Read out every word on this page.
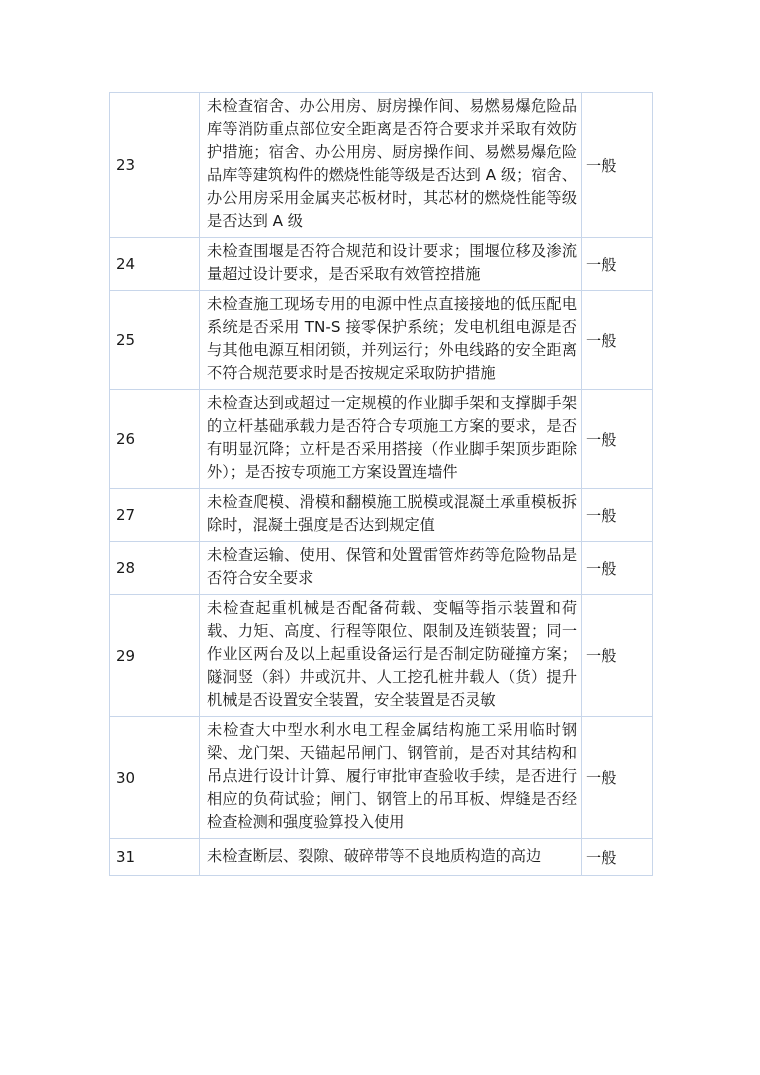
23	未检查宿舍、办公用房、厨房操作间、易燃易爆危险品库等消防重点部位安全距离是否符合要求并采取有效防护措施；宿舍、办公用房、厨房操作间、易燃易爆危险品库等建筑构件的燃烧性能等级是否达到 A 级；宿舍、办公用房采用金属夹芯板材时，其芯材的燃烧性能等级是否达到 A 级	一般
24	未检查围堰是否符合规范和设计要求；围堰位移及渗流量超过设计要求，是否采取有效管控措施	一般
25	未检查施工现场专用的电源中性点直接接地的低压配电系统是否采用 TN-S 接零保护系统；发电机组电源是否与其他电源互相闭锁，并列运行；外电线路的安全距离不符合规范要求时是否按规定采取防护措施	一般
26	未检查达到或超过一定规模的作业脚手架和支撑脚手架的立杆基础承载力是否符合专项施工方案的要求，是否有明显沉降；立杆是否采用搭接（作业脚手架顶步距除外）；是否按专项施工方案设置连墙件	一般
27	未检查爬模、滑模和翻模施工脱模或混凝土承重模板拆除时，混凝土强度是否达到规定值	一般
28	未检查运输、使用、保管和处置雷管炸药等危险物品是否符合安全要求	一般
29	未检查起重机械是否配备荷载、变幅等指示装置和荷载、力矩、高度、行程等限位、限制及连锁装置；同一作业区两台及以上起重设备运行是否制定防碰撞方案；隧洞竖（斜）井或沉井、人工挖孔桩井载人（货）提升机械是否设置安全装置，安全装置是否灵敏	一般
30	未检查大中型水利水电工程金属结构施工采用临时钢梁、龙门架、天锚起吊闸门、钢管前，是否对其结构和吊点进行设计计算、履行审批审查验收手续，是否进行相应的负荷试验；闸门、钢管上的吊耳板、焊缝是否经检查检测和强度验算投入使用	一般
31	未检查断层、裂隙、破碎带等不良地质构造的高边	一般
